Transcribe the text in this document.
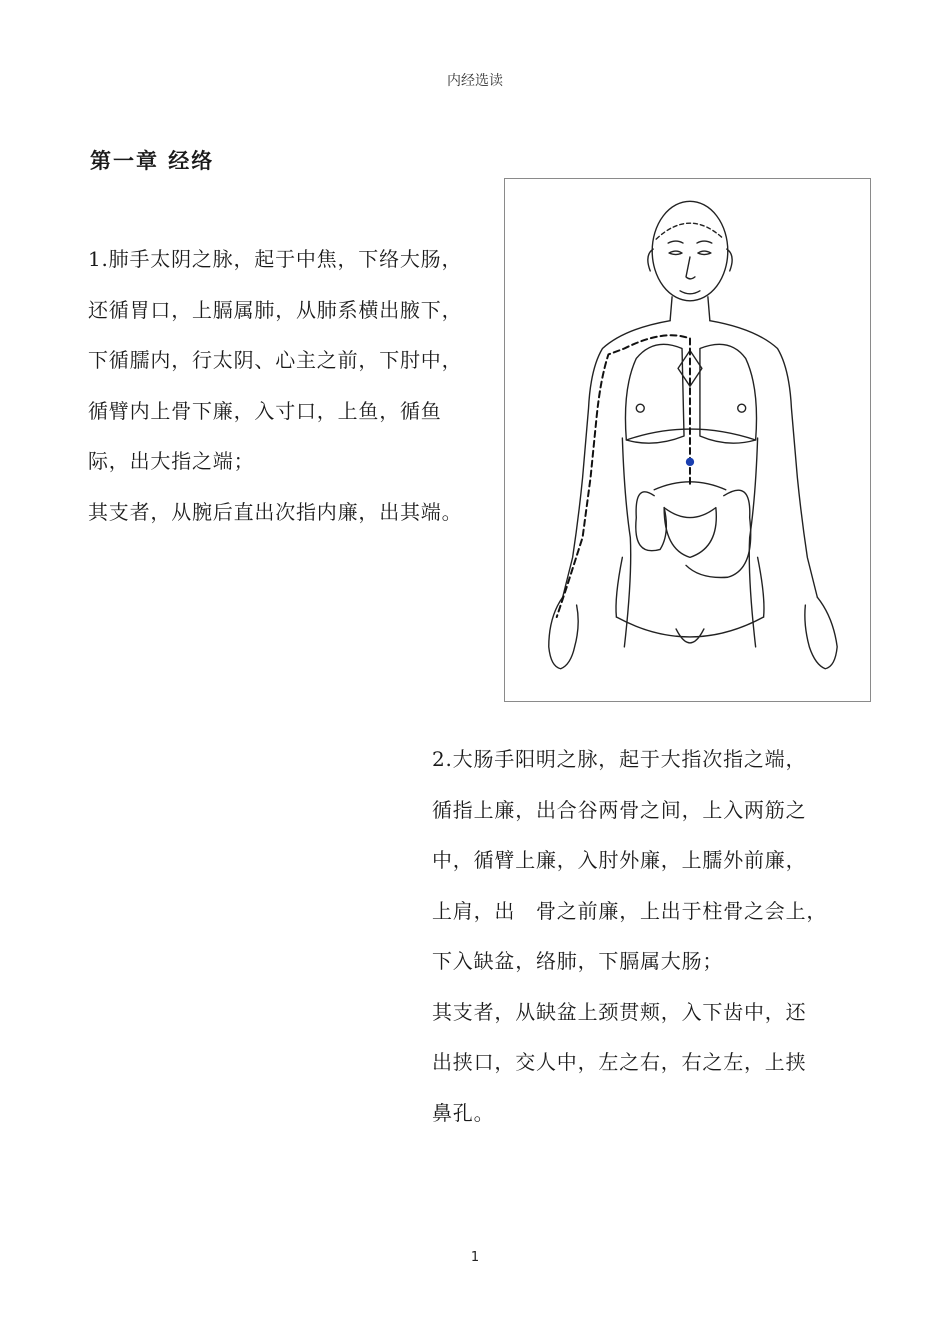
内经选读
第一章 经络

1.肺手太阴之脉，起于中焦，下络大肠，

还循胃口，上膈属肺，从肺系横出腋下，

下循臑内，行太阴、心主之前，下肘中，

循臂内上骨下廉，入寸口，上鱼，循鱼

际，出大指之端；

其支者，从腕后直出次指内廉，出其端。

2.大肠手阳明之脉，起于大指次指之端，

循指上廉，出合谷两骨之间，上入两筋之

中，循臂上廉，入肘外廉，上臑外前廉，

上肩，出　骨之前廉，上出于柱骨之会上，

下入缺盆，络肺，下膈属大肠；

其支者，从缺盆上颈贯颊，入下齿中，还

出挟口，交人中，左之右，右之左，上挟

鼻孔。

1
